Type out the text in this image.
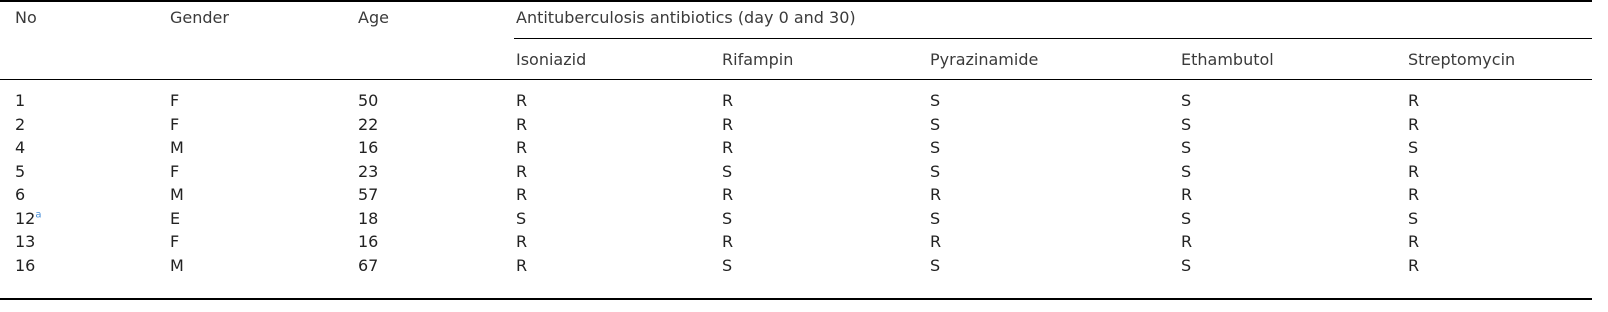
No	Gender	Age	Antituberculosis antibiotics (day 0 and 30)
Isoniazid	Rifampin	Pyrazinamide	Ethambutol	Streptomycin
1	F	50	R	R	S	S	R
2	F	22	R	R	S	S	R
4	M	16	R	R	S	S	S
5	F	23	R	S	S	S	R
6	M	57	R	R	R	R	R
12$^a$	E	18	S	S	S	S	S
13	F	16	R	R	R	R	R
16	M	67	R	S	S	S	R
